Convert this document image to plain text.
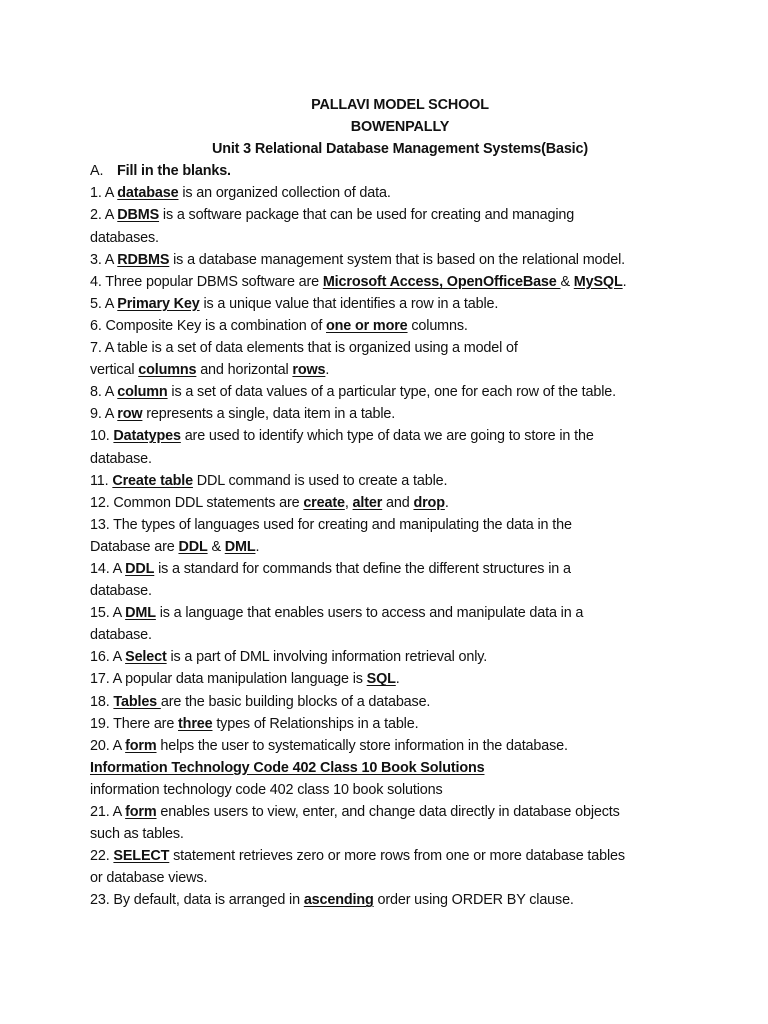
PALLAVI MODEL SCHOOL
BOWENPALLY
Unit 3 Relational Database Management Systems(Basic)
A. Fill in the blanks.
1. A database is an organized collection of data.
2. A DBMS is a software package that can be used for creating and managing
databases.
3. A RDBMS is a database management system that is based on the relational model.
4. Three popular DBMS software are Microsoft Access, OpenOfficeBase & MySQL.
5. A Primary Key is a unique value that identifies a row in a table.
6. Composite Key is a combination of one or more columns.
7. A table is a set of data elements that is organized using a model of
vertical columns and horizontal rows.
8. A column is a set of data values of a particular type, one for each row of the table.
9. A row represents a single, data item in a table.
10. Datatypes are used to identify which type of data we are going to store in the
database.
11. Create table DDL command is used to create a table.
12. Common DDL statements are create, alter and drop.
13. The types of languages used for creating and manipulating the data in the
Database are DDL & DML.
14. A DDL is a standard for commands that define the different structures in a
database.
15. A DML is a language that enables users to access and manipulate data in a
database.
16. A Select is a part of DML involving information retrieval only.
17. A popular data manipulation language is SQL.
18. Tables are the basic building blocks of a database.
19. There are three types of Relationships in a table.
20. A form helps the user to systematically store information in the database.
Information Technology Code 402 Class 10 Book Solutions
information technology code 402 class 10 book solutions
21. A form enables users to view, enter, and change data directly in database objects
such as tables.
22. SELECT statement retrieves zero or more rows from one or more database tables
or database views.
23. By default, data is arranged in ascending order using ORDER BY clause.
